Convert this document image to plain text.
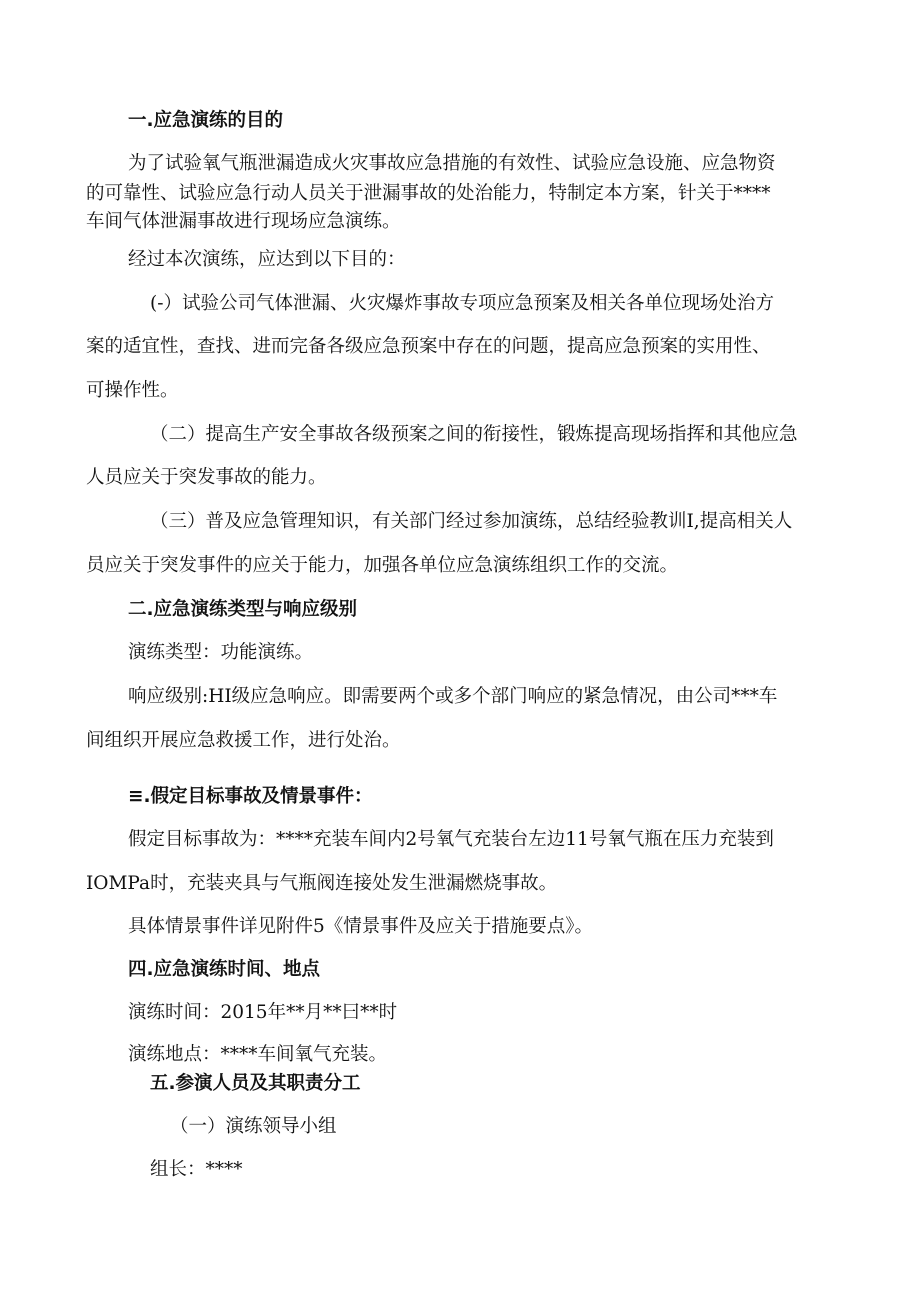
一.应急演练的目的
为了试验氧气瓶泄漏造成火灾事故应急措施的有效性、试验应急设施、应急物资
的可靠性、试验应急行动人员关于泄漏事故的处治能力，特制定本方案，针关于****
车间气体泄漏事故进行现场应急演练。
经过本次演练，应达到以下目的：
(-）试验公司气体泄漏、火灾爆炸事故专项应急预案及相关各单位现场处治方
案的适宜性，查找、进而完备各级应急预案中存在的问题，提高应急预案的实用性、
可操作性。
（二）提高生产安全事故各级预案之间的衔接性，锻炼提高现场指挥和其他应急
人员应关于突发事故的能力。
（三）普及应急管理知识，有关部门经过参加演练，总结经验教训I,提高相关人
员应关于突发事件的应关于能力，加强各单位应急演练组织工作的交流。
二.应急演练类型与响应级别
演练类型：功能演练。
响应级别:HI级应急响应。即需要两个或多个部门响应的紧急情况，由公司***车
间组织开展应急救援工作，进行处治。
≡.假定目标事故及情景事件：
假定目标事故为：****充装车间内2号氧气充装台左边11号氧气瓶在压力充装到
IOMPa时，充装夹具与气瓶阀连接处发生泄漏燃烧事故。
具体情景事件详见附件5《情景事件及应关于措施要点》。
四.应急演练时间、地点
演练时间：2015年**月**曰**时
演练地点：****车间氧气充装。
五.参演人员及其职责分工
（一）演练领导小组
组长：****
